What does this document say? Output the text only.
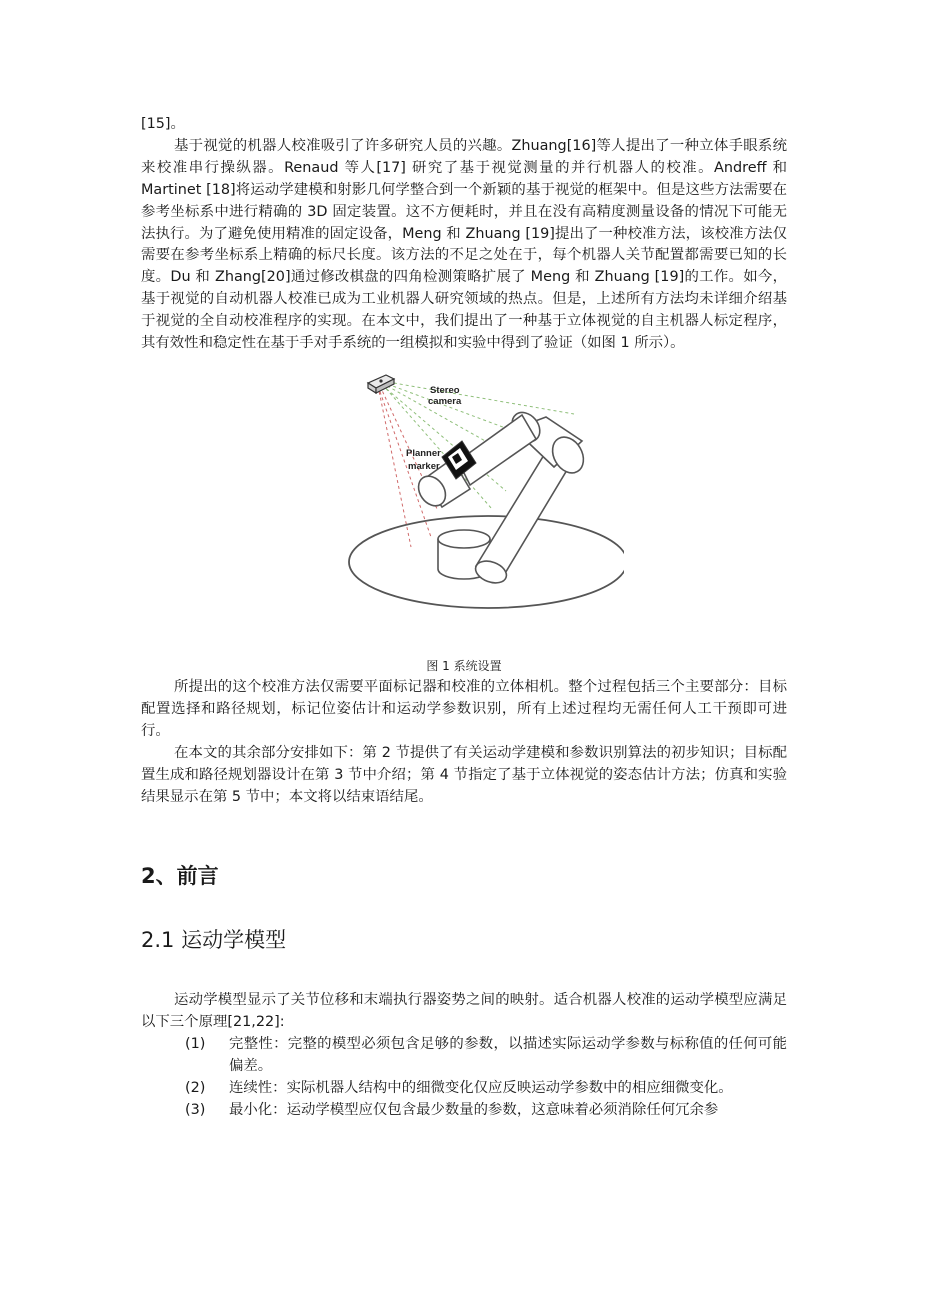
[15]。

基于视觉的机器人校准吸引了许多研究人员的兴趣。Zhuang[16]等人提出了一种立体手眼系统来校准串行操纵器。Renaud 等人[17] 研究了基于视觉测量的并行机器人的校准。Andreff 和 Martinet [18]将运动学建模和射影几何学整合到一个新颖的基于视觉的框架中。但是这些方法需要在参考坐标系中进行精确的 3D 固定装置。这不方便耗时，并且在没有高精度测量设备的情况下可能无法执行。为了避免使用精准的固定设备，Meng 和 Zhuang [19]提出了一种校准方法，该校准方法仅需要在参考坐标系上精确的标尺长度。该方法的不足之处在于，每个机器人关节配置都需要已知的长度。Du 和 Zhang[20]通过修改棋盘的四角检测策略扩展了 Meng 和 Zhuang [19]的工作。如今，基于视觉的自动机器人校准已成为工业机器人研究领域的热点。但是，上述所有方法均未详细介绍基于视觉的全自动校准程序的实现。在本文中，我们提出了一种基于立体视觉的自主机器人标定程序，其有效性和稳定性在基于手对手系统的一组模拟和实验中得到了验证（如图 1 所示）。

Stereo
camera
Planner
marker
图 1 系统设置

所提出的这个校准方法仅需要平面标记器和校准的立体相机。整个过程包括三个主要部分：目标配置选择和路径规划，标记位姿估计和运动学参数识别，所有上述过程均无需任何人工干预即可进行。

在本文的其余部分安排如下：第 2 节提供了有关运动学建模和参数识别算法的初步知识；目标配置生成和路径规划器设计在第 3 节中介绍；第 4 节指定了基于立体视觉的姿态估计方法；仿真和实验结果显示在第 5 节中；本文将以结束语结尾。

2、前言
2.1 运动学模型

运动学模型显示了关节位移和末端执行器姿势之间的映射。适合机器人校准的运动学模型应满足以下三个原理[21,22]:

(1)	完整性：完整的模型必须包含足够的参数，以描述实际运动学参数与标称值的任何可能偏差。
(2)	连续性：实际机器人结构中的细微变化仅应反映运动学参数中的相应细微变化。
(3)	最小化：运动学模型应仅包含最少数量的参数，这意味着必须消除任何冗余参
